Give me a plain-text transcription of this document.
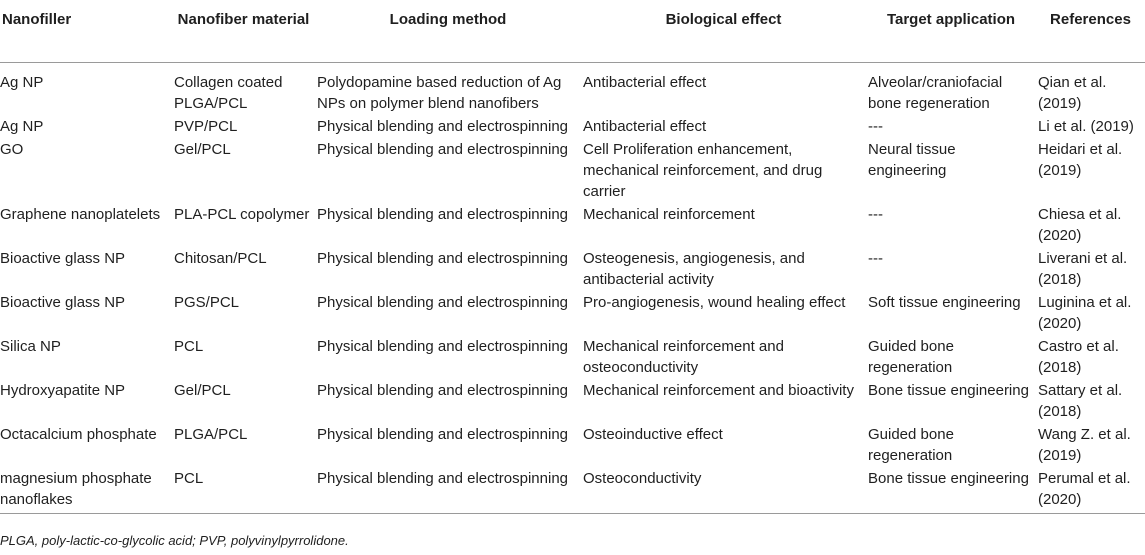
Nanofiller	Nanofiber material	Loading method	Biological effect	Target application	References
Ag NP	Collagen coated PLGA/PCL	Polydopamine based reduction of Ag NPs on polymer blend nanofibers	Antibacterial effect	Alveolar/craniofacial bone regeneration	Qian et al. (2019)
Ag NP	PVP/PCL	Physical blending and electrospinning	Antibacterial effect	---	Li et al. (2019)
GO	Gel/PCL	Physical blending and electrospinning	Cell Proliferation enhancement, mechanical reinforcement, and drug carrier	Neural tissue engineering	Heidari et al. (2019)
Graphene nanoplatelets	PLA-PCL copolymer	Physical blending and electrospinning	Mechanical reinforcement	---	Chiesa et al. (2020)
Bioactive glass NP	Chitosan/PCL	Physical blending and electrospinning	Osteogenesis, angiogenesis, and antibacterial activity	---	Liverani et al. (2018)
Bioactive glass NP	PGS/PCL	Physical blending and electrospinning	Pro-angiogenesis, wound healing effect	Soft tissue engineering	Luginina et al. (2020)
Silica NP	PCL	Physical blending and electrospinning	Mechanical reinforcement and osteoconductivity	Guided bone regeneration	Castro et al. (2018)
Hydroxyapatite NP	Gel/PCL	Physical blending and electrospinning	Mechanical reinforcement and bioactivity	Bone tissue engineering	Sattary et al. (2018)
Octacalcium phosphate	PLGA/PCL	Physical blending and electrospinning	Osteoinductive effect	Guided bone regeneration	Wang Z. et al. (2019)
magnesium phosphate nanoflakes	PCL	Physical blending and electrospinning	Osteoconductivity	Bone tissue engineering	Perumal et al. (2020)
PLGA, poly-lactic-co-glycolic acid; PVP, polyvinylpyrrolidone.
